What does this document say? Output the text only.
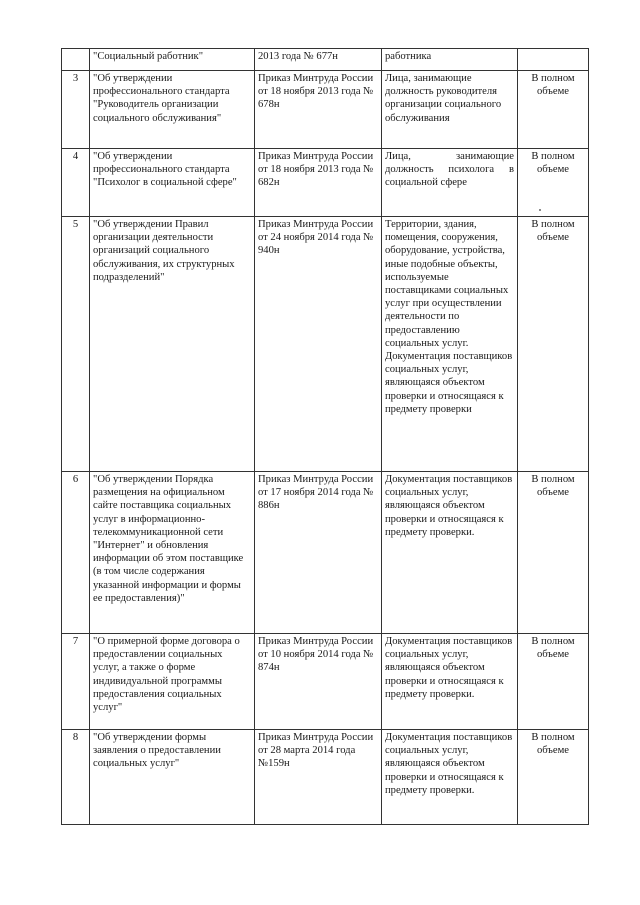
	"Социальный работник"	2013 года № 677н	работника	
3	"Об утверждении профессионального стандарта "Руководитель организации социального обслуживания"	Приказ Минтруда России от 18 ноября 2013 года № 678н	Лица, занимающие должность руководителя организации социального обслуживания	В полном объеме
4	"Об утверждении профессионального стандарта "Психолог в социальной сфере"	Приказ Минтруда России от 18 ноября 2013 года № 682н	Лица, занимающие должность психолога в социальной сфере	В полном объеме
5	"Об утверждении Правил организации деятельности организаций социального обслуживания, их структурных подразделений"	Приказ Минтруда России от 24 ноября 2014 года № 940н	Территории, здания, помещения, сооружения, оборудование, устройства, иные подобные объекты, используемые поставщиками социальных услуг при осуществлении деятельности по предоставлению социальных услуг. Документация поставщиков социальных услуг, являющаяся объектом проверки и относящаяся к предмету проверки	В полном объеме
6	"Об утверждении Порядка размещения на официальном сайте поставщика социальных услуг в информационно-телекоммуникационной сети "Интернет" и обновления информации об этом поставщике (в том числе содержания указанной информации и формы ее предоставления)"	Приказ Минтруда России от 17 ноября 2014 года № 886н	Документация поставщиков социальных услуг, являющаяся объектом проверки и относящаяся к предмету проверки.	В полном объеме
7	"О примерной форме договора о предоставлении социальных услуг, а также о форме индивидуальной программы предоставления социальных услуг"	Приказ Минтруда России от 10 ноября 2014 года № 874н	Документация поставщиков социальных услуг, являющаяся объектом проверки и относящаяся к предмету проверки.	В полном объеме
8	"Об утверждении формы заявления о предоставлении социальных услуг"	Приказ Минтруда России от 28 марта 2014 года №159н	Документация поставщиков социальных услуг, являющаяся объектом проверки и относящаяся к предмету проверки.	В полном объеме
